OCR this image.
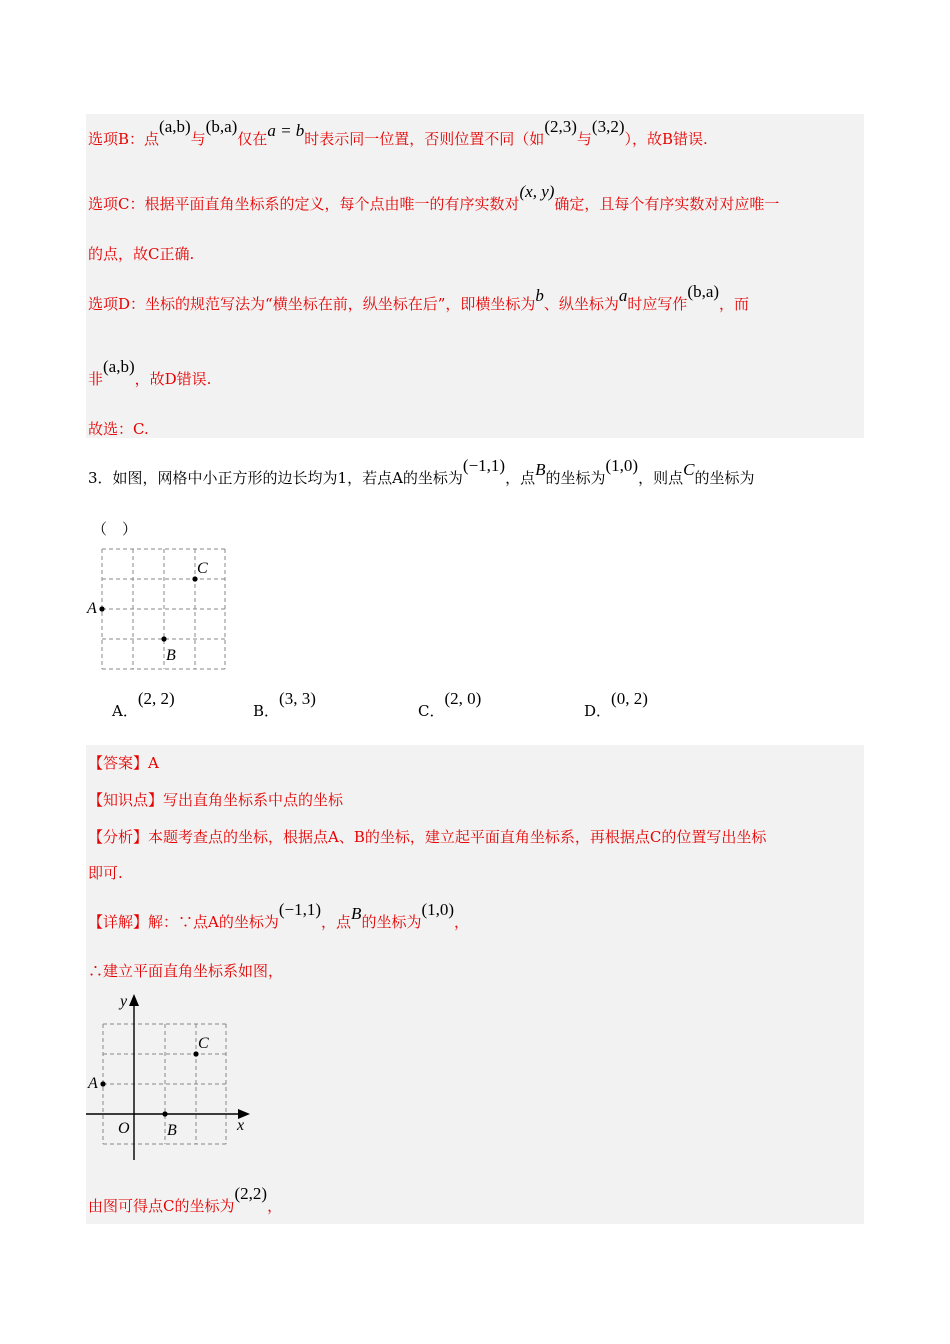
选项B：点(a,b)与(b,a)仅在a = b时表示同一位置，否则位置不同（如(2,3)与(3,2)），故B错误.
选项C：根据平面直角坐标系的定义，每个点由唯一的有序实数对(x, y)确定，且每个有序实数对对应唯一
的点，故C正确.
选项D：坐标的规范写法为“横坐标在前，纵坐标在后”，即横坐标为b、纵坐标为a时应写作(b,a)，而
非(a,b)，故D错误.
故选：C.
3．如图，网格中小正方形的边长均为1，若点A的坐标为(−1,1)，点B的坐标为(1,0)，则点C的坐标为
（　）
A
B
C
A．(2, 2)
B．(3, 3)
C．(2, 0)
D．(0, 2)
【答案】A
【知识点】写出直角坐标系中点的坐标
【分析】本题考查点的坐标，根据点A、B的坐标，建立起平面直角坐标系，再根据点C的位置写出坐标
即可.
【详解】解：∵点A的坐标为(−1,1)，点B的坐标为(1,0)，
∴建立平面直角坐标系如图，
y
x
O
A
B
C
由图可得点C的坐标为(2,2)，
